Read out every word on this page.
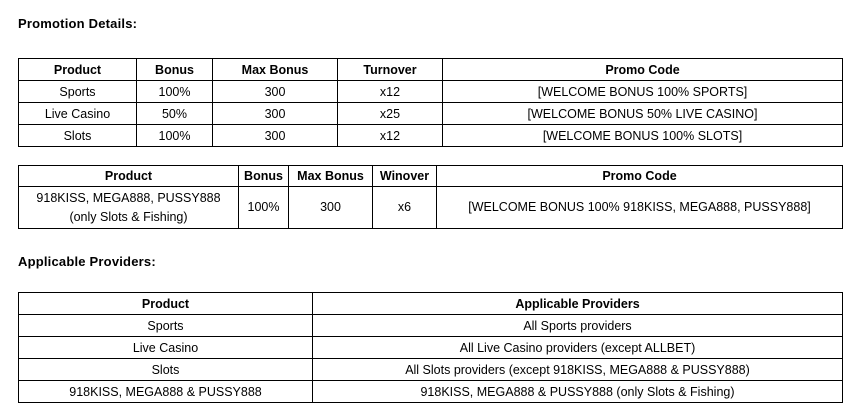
Promotion Details:
Product	Bonus	Max Bonus	Turnover	Promo Code
Sports	100%	300	x12	[WELCOME BONUS 100% SPORTS]
Live Casino	50%	300	x25	[WELCOME BONUS 50% LIVE CASINO]
Slots	100%	300	x12	[WELCOME BONUS 100% SLOTS]
Product	Bonus	Max Bonus	Winover	Promo Code

918KISS, MEGA888, PUSSY888
(only Slots & Fishing)	100%	300	x6	[WELCOME BONUS 100% 918KISS, MEGA888, PUSSY888]
Applicable Providers:
Product	Applicable Providers
Sports	All Sports providers
Live Casino	All Live Casino providers (except ALLBET)
Slots	All Slots providers (except 918KISS, MEGA888 & PUSSY888)
918KISS, MEGA888 & PUSSY888	918KISS, MEGA888 & PUSSY888 (only Slots & Fishing)
